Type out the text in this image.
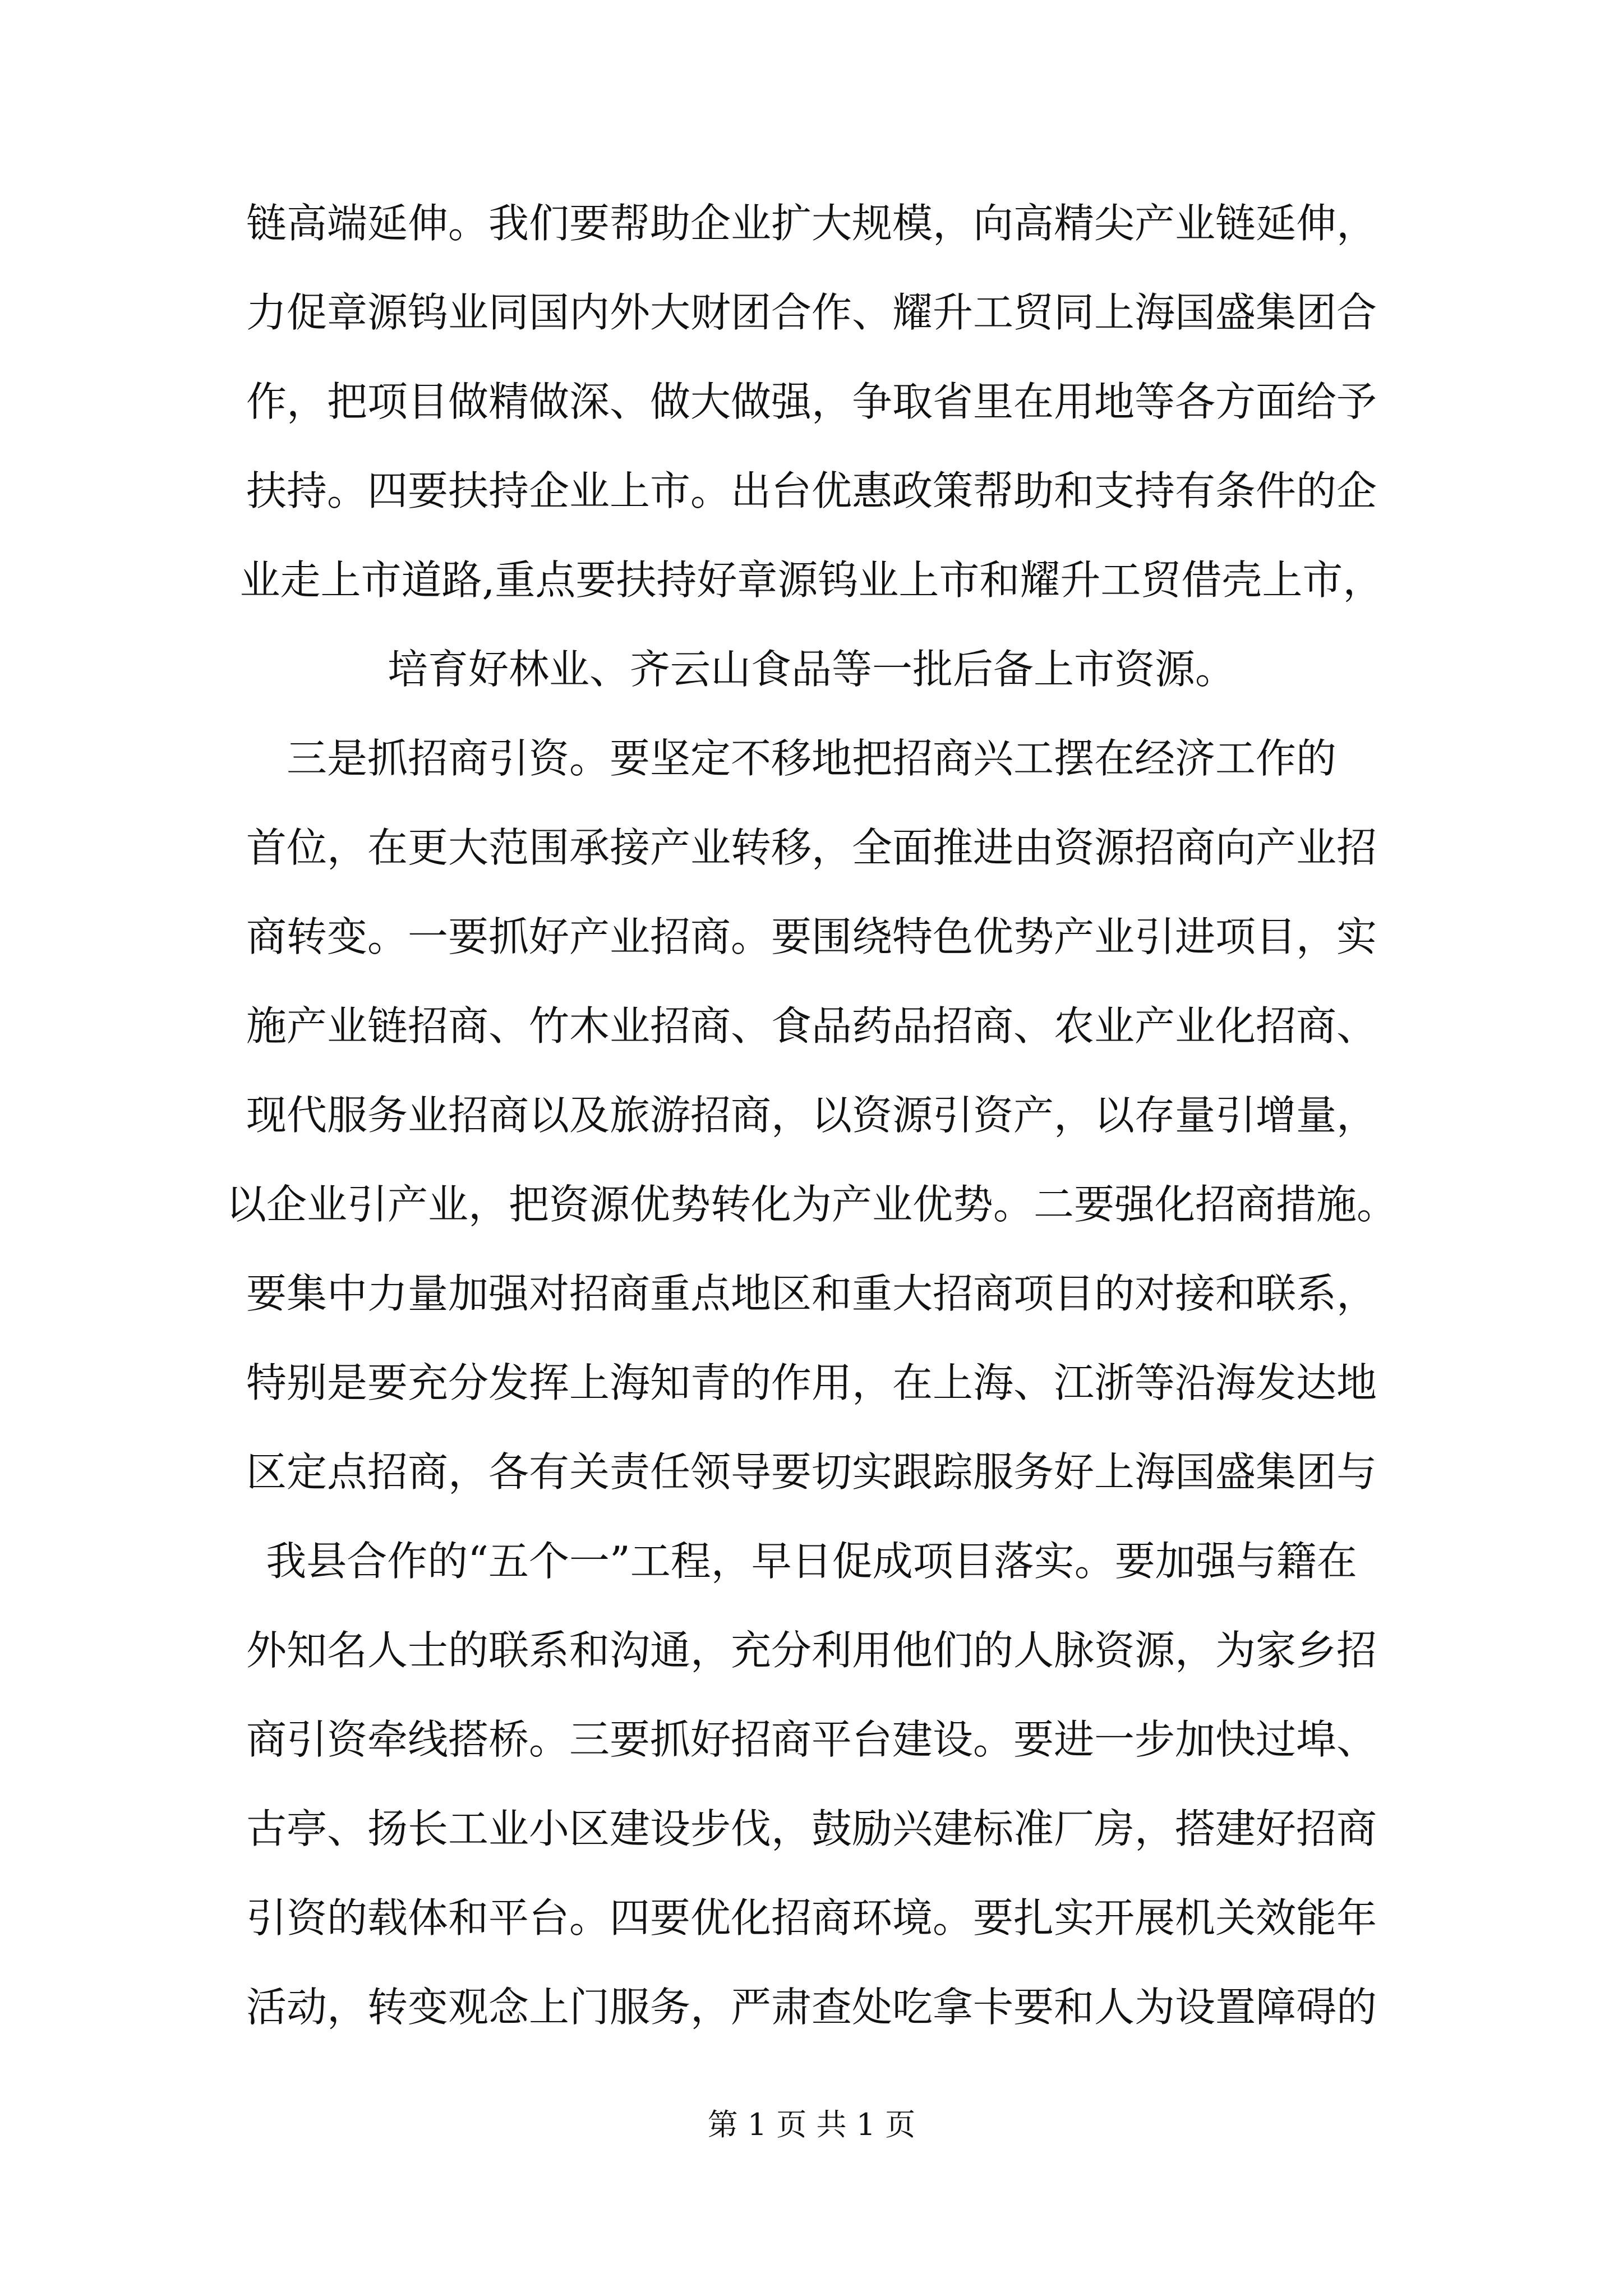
链高端延伸。我们要帮助企业扩大规模，向高精尖产业链延伸，

力促章源钨业同国内外大财团合作、耀升工贸同上海国盛集团合

作，把项目做精做深、做大做强，争取省里在用地等各方面给予

扶持。四要扶持企业上市。出台优惠政策帮助和支持有条件的企

业走上市道路,重点要扶持好章源钨业上市和耀升工贸借壳上市，

培育好林业、齐云山食品等一批后备上市资源。

三是抓招商引资。要坚定不移地把招商兴工摆在经济工作的

首位，在更大范围承接产业转移，全面推进由资源招商向产业招

商转变。一要抓好产业招商。要围绕特色优势产业引进项目，实

施产业链招商、竹木业招商、食品药品招商、农业产业化招商、

现代服务业招商以及旅游招商，以资源引资产，以存量引增量，

以企业引产业，把资源优势转化为产业优势。二要强化招商措施。

要集中力量加强对招商重点地区和重大招商项目的对接和联系，

特别是要充分发挥上海知青的作用，在上海、江浙等沿海发达地

区定点招商，各有关责任领导要切实跟踪服务好上海国盛集团与

我县合作的“五个一”工程，早日促成项目落实。要加强与籍在

外知名人士的联系和沟通，充分利用他们的人脉资源，为家乡招

商引资牵线搭桥。三要抓好招商平台建设。要进一步加快过埠、

古亭、扬长工业小区建设步伐，鼓励兴建标准厂房，搭建好招商

引资的载体和平台。四要优化招商环境。要扎实开展机关效能年

活动，转变观念上门服务，严肃查处吃拿卡要和人为设置障碍的

第 1 页 共 1 页
